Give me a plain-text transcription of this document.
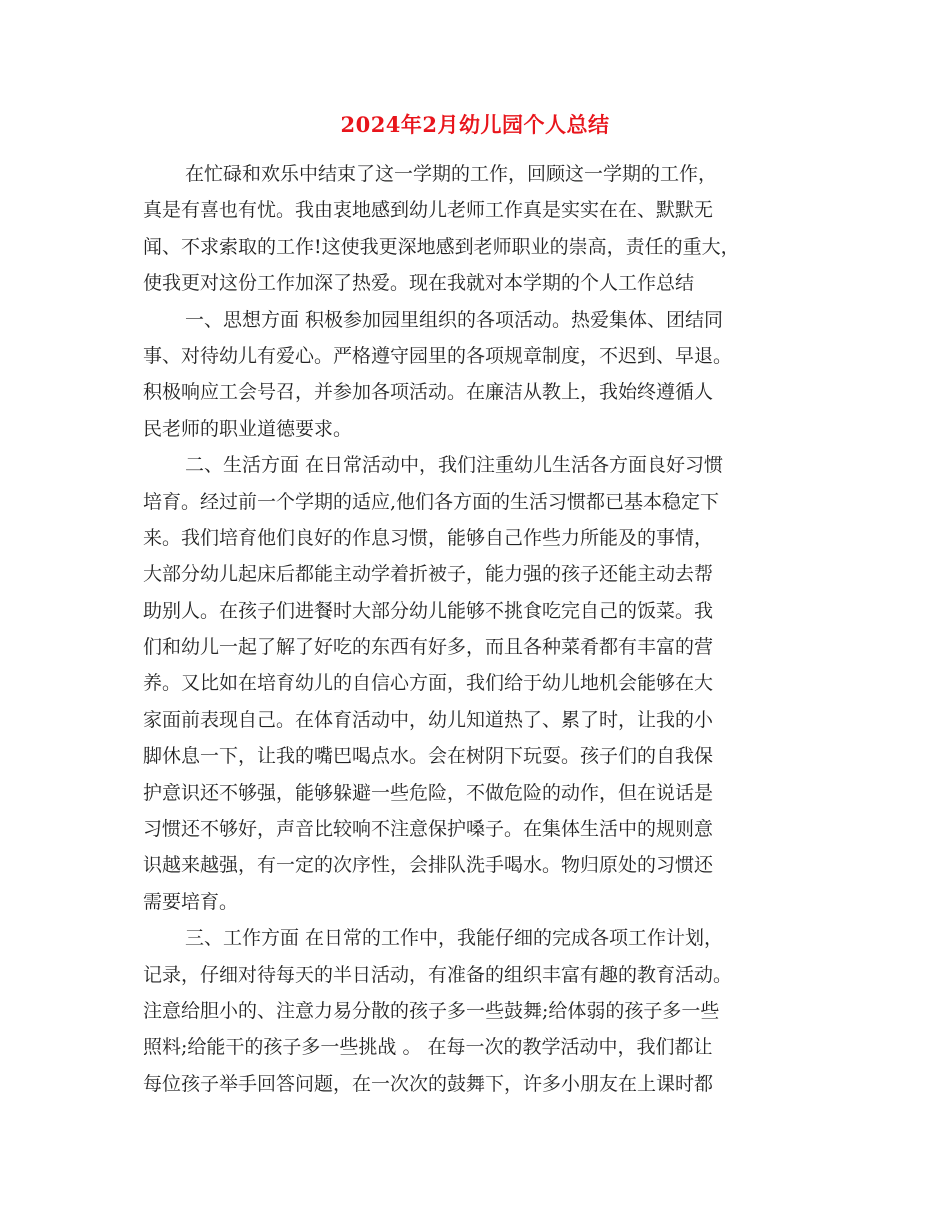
2024年2月幼儿园个人总结
在忙碌和欢乐中结束了这一学期的工作，回顾这一学期的工作，
真是有喜也有忧。我由衷地感到幼儿老师工作真是实实在在、默默无
闻、不求索取的工作!这使我更深地感到老师职业的崇高，责任的重大，
使我更对这份工作加深了热爱。现在我就对本学期的个人工作总结
一、思想方面 积极参加园里组织的各项活动。热爱集体、团结同
事、对待幼儿有爱心。严格遵守园里的各项规章制度，不迟到、早退。
积极响应工会号召，并参加各项活动。在廉洁从教上，我始终遵循人
民老师的职业道德要求。
二、生活方面 在日常活动中，我们注重幼儿生活各方面良好习惯
培育。经过前一个学期的适应,他们各方面的生活习惯都已基本稳定下
来。我们培育他们良好的作息习惯，能够自己作些力所能及的事情，
大部分幼儿起床后都能主动学着折被子，能力强的孩子还能主动去帮
助别人。在孩子们进餐时大部分幼儿能够不挑食吃完自己的饭菜。我
们和幼儿一起了解了好吃的东西有好多，而且各种菜肴都有丰富的营
养。又比如在培育幼儿的自信心方面，我们给于幼儿地机会能够在大
家面前表现自己。在体育活动中，幼儿知道热了、累了时，让我的小
脚休息一下，让我的嘴巴喝点水。会在树阴下玩耍。孩子们的自我保
护意识还不够强，能够躲避一些危险，不做危险的动作，但在说话是
习惯还不够好，声音比较响不注意保护嗓子。在集体生活中的规则意
识越来越强，有一定的次序性，会排队洗手喝水。物归原处的习惯还
需要培育。
三、工作方面 在日常的工作中，我能仔细的完成各项工作计划，
记录，仔细对待每天的半日活动，有准备的组织丰富有趣的教育活动。
注意给胆小的、注意力易分散的孩子多一些鼓舞;给体弱的孩子多一些
照料;给能干的孩子多一些挑战 。 在每一次的教学活动中，我们都让
每位孩子举手回答问题，在一次次的鼓舞下，许多小朋友在上课时都
